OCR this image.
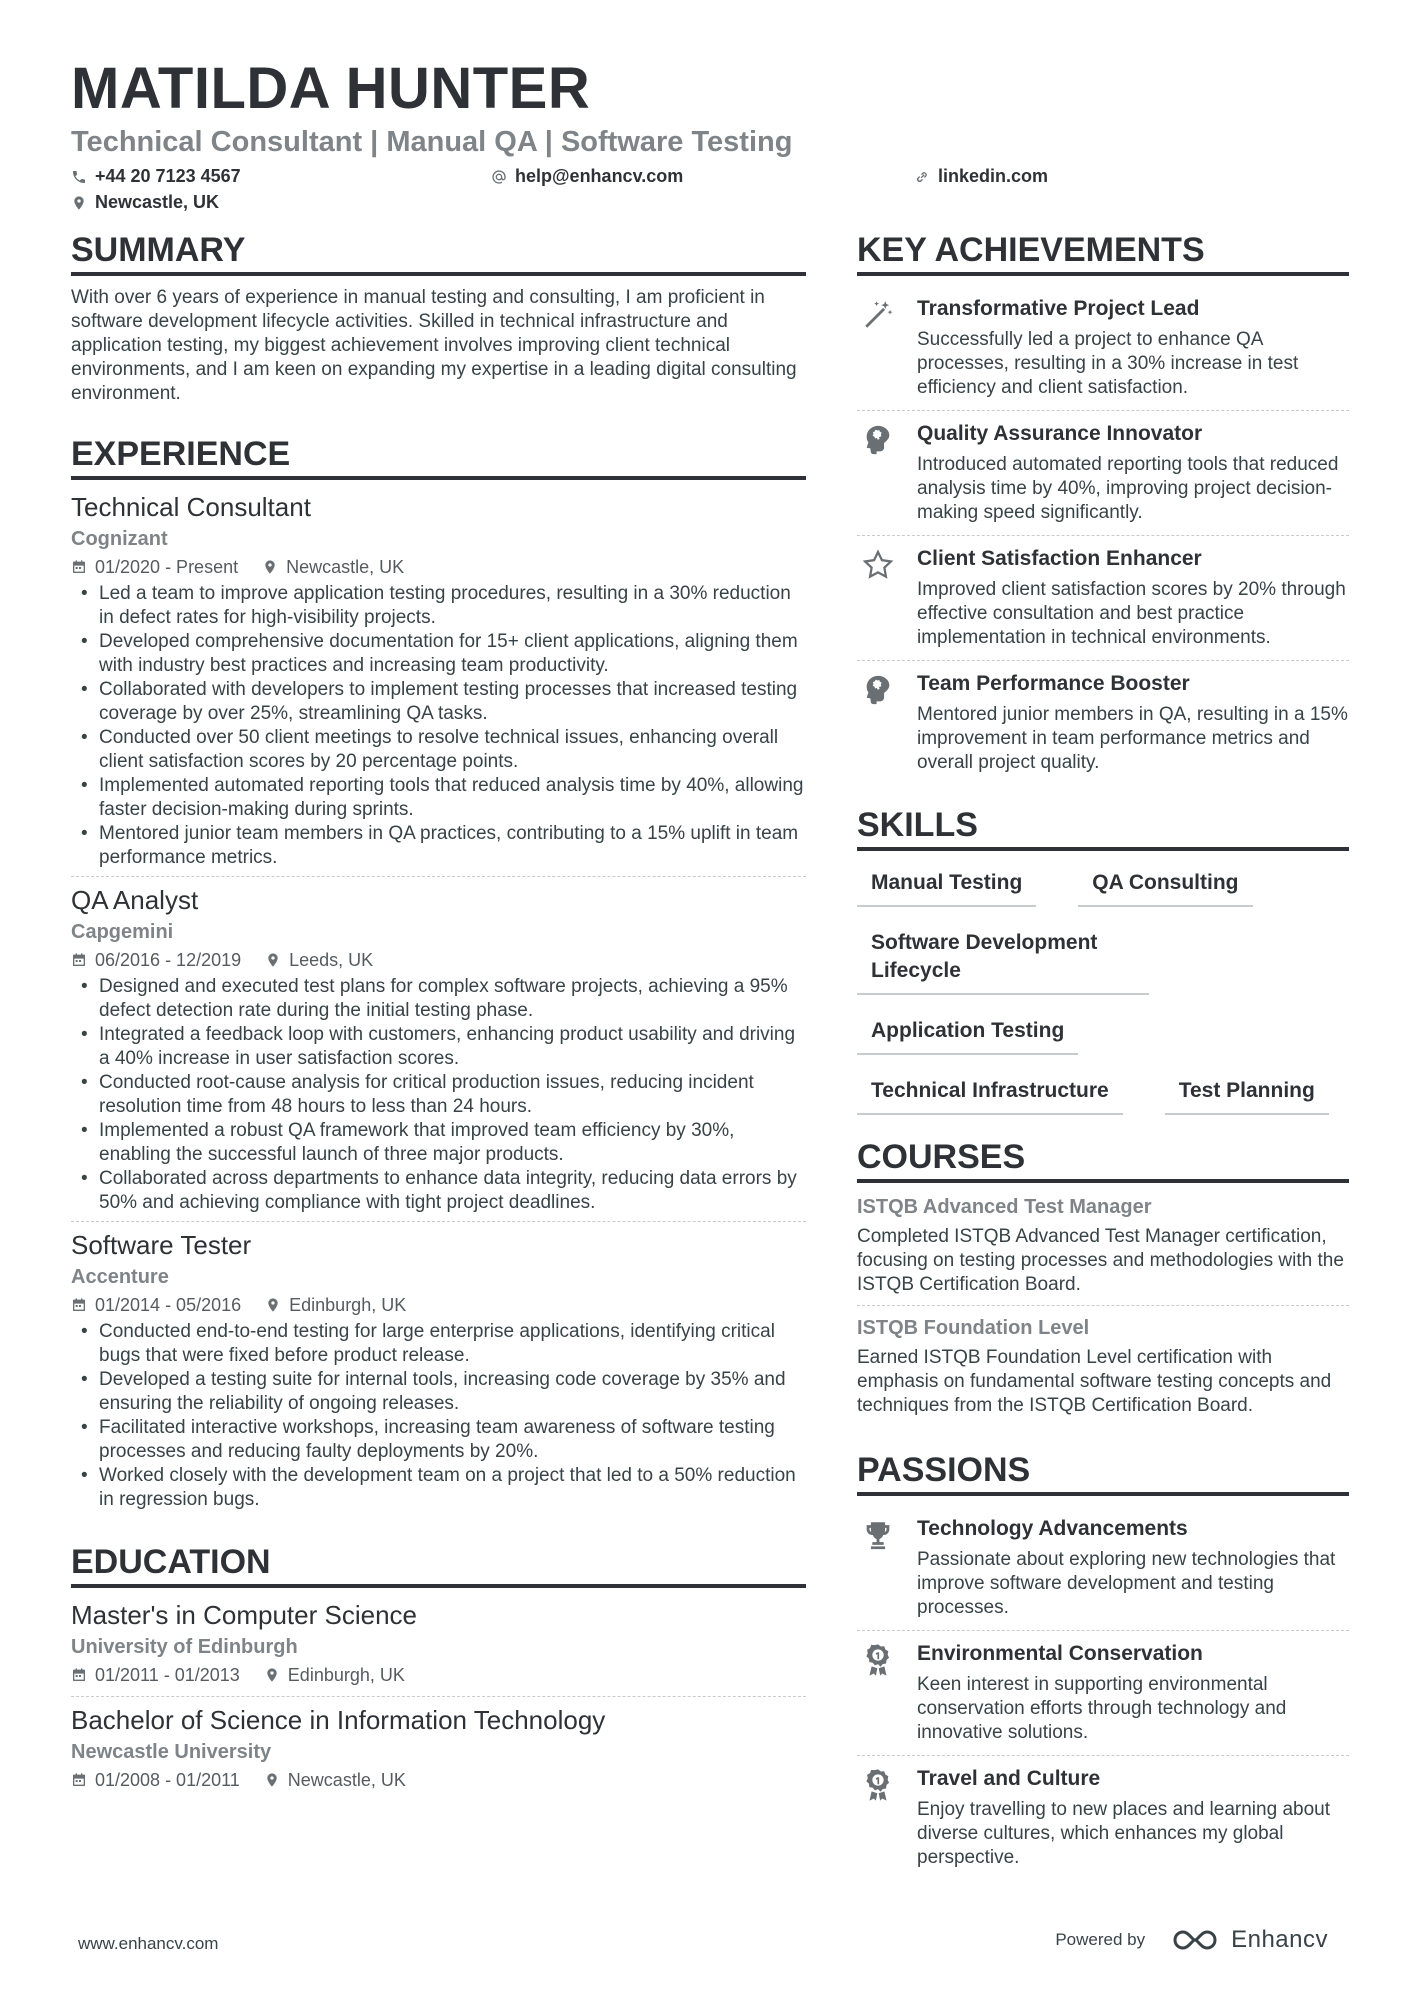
MATILDA HUNTER
Technical Consultant | Manual QA | Software Testing
+44 20 7123 4567	help@enhancv.com	linkedin.com
Newcastle, UK
SUMMARY

With over 6 years of experience in manual testing and consulting, I am proficient in software development lifecycle activities. Skilled in technical infrastructure and application testing, my biggest achievement involves improving client technical environments, and I am keen on expanding my expertise in a leading digital consulting environment.

EXPERIENCE
Technical Consultant
Cognizant
01/2020 - Present	Newcastle, UK
• Led a team to improve application testing procedures, resulting in a 30% reduction in defect rates for high-visibility projects.
• Developed comprehensive documentation for 15+ client applications, aligning them with industry best practices and increasing team productivity.
• Collaborated with developers to implement testing processes that increased testing coverage by over 25%, streamlining QA tasks.
• Conducted over 50 client meetings to resolve technical issues, enhancing overall client satisfaction scores by 20 percentage points.
• Implemented automated reporting tools that reduced analysis time by 40%, allowing faster decision-making during sprints.
• Mentored junior team members in QA practices, contributing to a 15% uplift in team performance metrics.
QA Analyst
Capgemini
06/2016 - 12/2019	Leeds, UK
• Designed and executed test plans for complex software projects, achieving a 95% defect detection rate during the initial testing phase.
• Integrated a feedback loop with customers, enhancing product usability and driving a 40% increase in user satisfaction scores.
• Conducted root-cause analysis for critical production issues, reducing incident resolution time from 48 hours to less than 24 hours.
• Implemented a robust QA framework that improved team efficiency by 30%, enabling the successful launch of three major products.
• Collaborated across departments to enhance data integrity, reducing data errors by 50% and achieving compliance with tight project deadlines.
Software Tester
Accenture
01/2014 - 05/2016	Edinburgh, UK
• Conducted end-to-end testing for large enterprise applications, identifying critical bugs that were fixed before product release.
• Developed a testing suite for internal tools, increasing code coverage by 35% and ensuring the reliability of ongoing releases.
• Facilitated interactive workshops, increasing team awareness of software testing processes and reducing faulty deployments by 20%.
• Worked closely with the development team on a project that led to a 50% reduction in regression bugs.
EDUCATION
Master's in Computer Science
University of Edinburgh
01/2011 - 01/2013	Edinburgh, UK
Bachelor of Science in Information Technology
Newcastle University
01/2008 - 01/2011	Newcastle, UK
KEY ACHIEVEMENTS
Transformative Project Lead
Successfully led a project to enhance QA processes, resulting in a 30% increase in test efficiency and client satisfaction.
Quality Assurance Innovator
Introduced automated reporting tools that reduced analysis time by 40%, improving project decision-making speed significantly.
Client Satisfaction Enhancer
Improved client satisfaction scores by 20% through effective consultation and best practice implementation in technical environments.
Team Performance Booster
Mentored junior members in QA, resulting in a 15% improvement in team performance metrics and overall project quality.
SKILLS
Manual Testing	QA Consulting
Software Development Lifecycle
Application Testing
Technical Infrastructure	Test Planning
COURSES
ISTQB Advanced Test Manager
Completed ISTQB Advanced Test Manager certification, focusing on testing processes and methodologies with the ISTQB Certification Board.
ISTQB Foundation Level
Earned ISTQB Foundation Level certification with emphasis on fundamental software testing concepts and techniques from the ISTQB Certification Board.
PASSIONS
Technology Advancements
Passionate about exploring new technologies that improve software development and testing processes.
Environmental Conservation
Keen interest in supporting environmental conservation efforts through technology and innovative solutions.
Travel and Culture
Enjoy travelling to new places and learning about diverse cultures, which enhances my global perspective.
www.enhancv.com	Powered by	Enhancv
